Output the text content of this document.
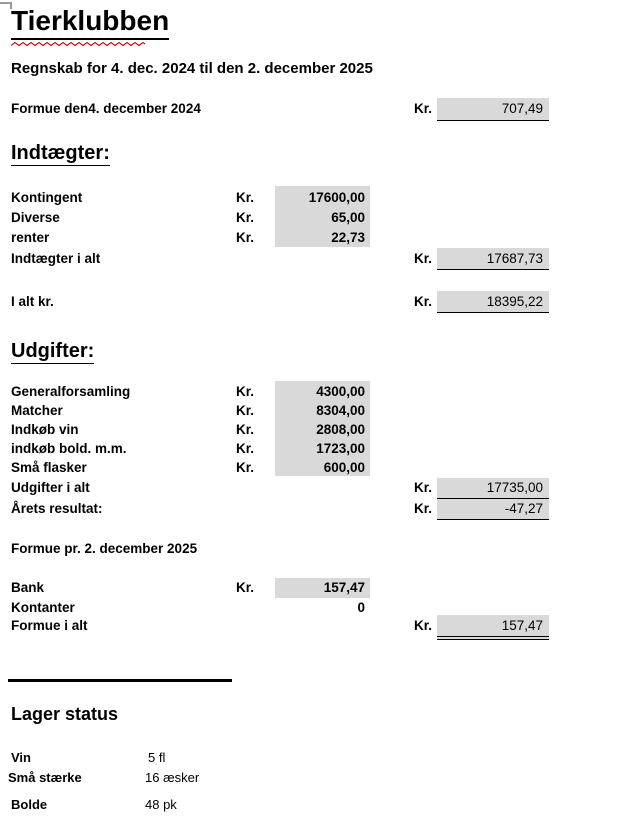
Tierklubben
Regnskab for 4. dec. 2024 til den 2. december 2025
Formue den4. december 2024	Kr.	707,49
Indtægter:
Kontingent	Kr.	17600,00
Diverse	Kr.	65,00
renter	Kr.	22,73
Indtægter i alt	Kr.	17687,73
I alt kr.	Kr.	18395,22
Udgifter:
Generalforsamling	Kr.	4300,00
Matcher	Kr.	8304,00
Indkøb vin	Kr.	2808,00
indkøb bold. m.m.	Kr.	1723,00
Små flasker	Kr.	600,00
Udgifter i alt	Kr.	17735,00
Årets resultat:	Kr.	-47,27
Formue pr. 2. december 2025
Bank	Kr.	157,47
Kontanter	0
Formue i alt	Kr.	157,47
Lager status
Vin	5 fl
Små stærke	16 æsker
Bolde	48 pk
